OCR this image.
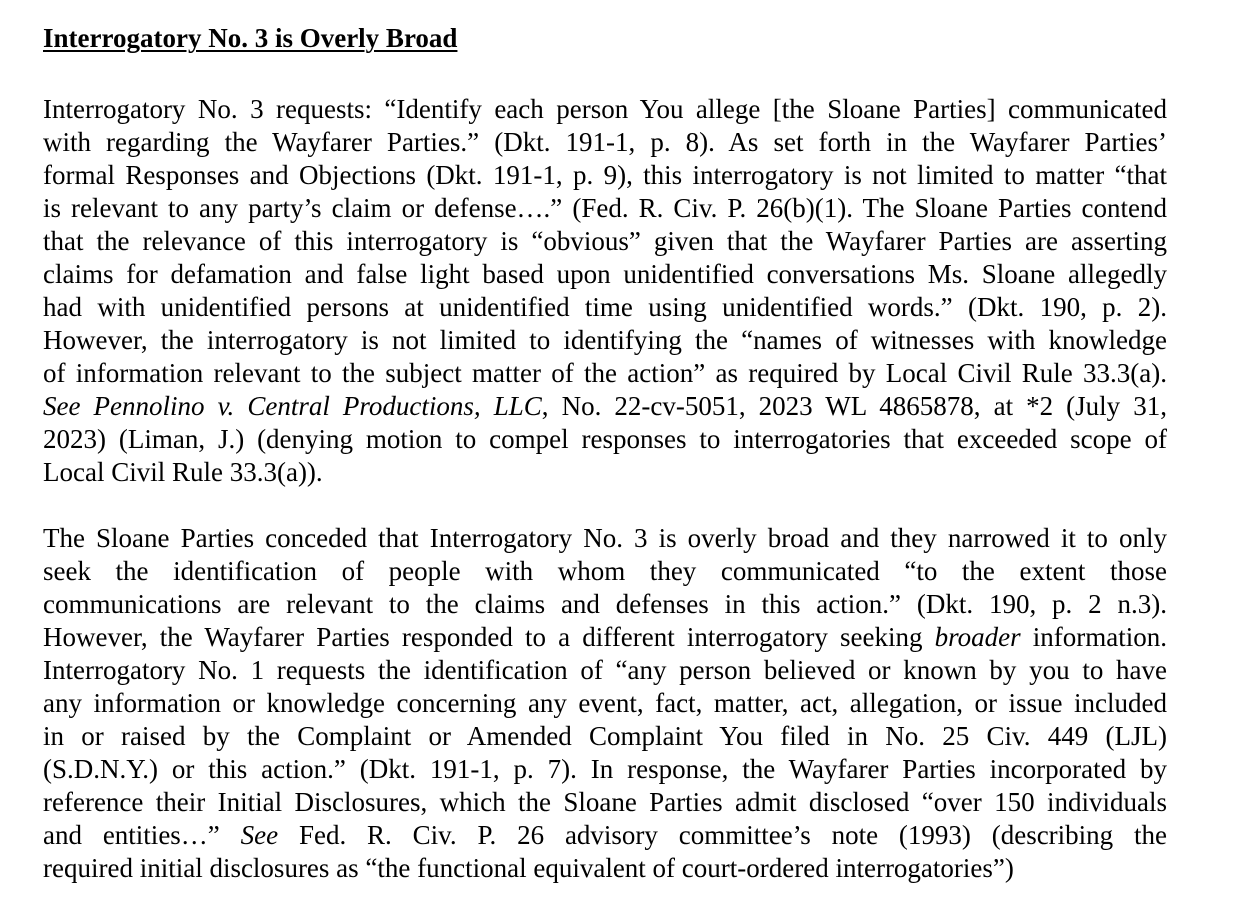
Interrogatory No. 3 is Overly Broad
Interrogatory No. 3 requests: “Identify each person You allege [the Sloane Parties] communicated
with regarding the Wayfarer Parties.” (Dkt. 191-1, p. 8). As set forth in the Wayfarer Parties’
formal Responses and Objections (Dkt. 191-1, p. 9), this interrogatory is not limited to matter “that
is relevant to any party’s claim or defense….” (Fed. R. Civ. P. 26(b)(1). The Sloane Parties contend
that the relevance of this interrogatory is “obvious” given that the Wayfarer Parties are asserting
claims for defamation and false light based upon unidentified conversations Ms. Sloane allegedly
had with unidentified persons at unidentified time using unidentified words.” (Dkt. 190, p. 2).
However, the interrogatory is not limited to identifying the “names of witnesses with knowledge
of information relevant to the subject matter of the action” as required by Local Civil Rule 33.3(a).
See Pennolino v. Central Productions, LLC, No. 22-cv-5051, 2023 WL 4865878, at *2 (July 31,
2023) (Liman, J.) (denying motion to compel responses to interrogatories that exceeded scope of
Local Civil Rule 33.3(a)).
The Sloane Parties conceded that Interrogatory No. 3 is overly broad and they narrowed it to only
seek the identification of people with whom they communicated “to the extent those
communications are relevant to the claims and defenses in this action.” (Dkt. 190, p. 2 n.3).
However, the Wayfarer Parties responded to a different interrogatory seeking broader information.
Interrogatory No. 1 requests the identification of “any person believed or known by you to have
any information or knowledge concerning any event, fact, matter, act, allegation, or issue included
in or raised by the Complaint or Amended Complaint You filed in No. 25 Civ. 449 (LJL)
(S.D.N.Y.) or this action.” (Dkt. 191-1, p. 7). In response, the Wayfarer Parties incorporated by
reference their Initial Disclosures, which the Sloane Parties admit disclosed “over 150 individuals
and entities…” See Fed. R. Civ. P. 26 advisory committee’s note (1993) (describing the
required initial disclosures as “the functional equivalent of court-ordered interrogatories”)
